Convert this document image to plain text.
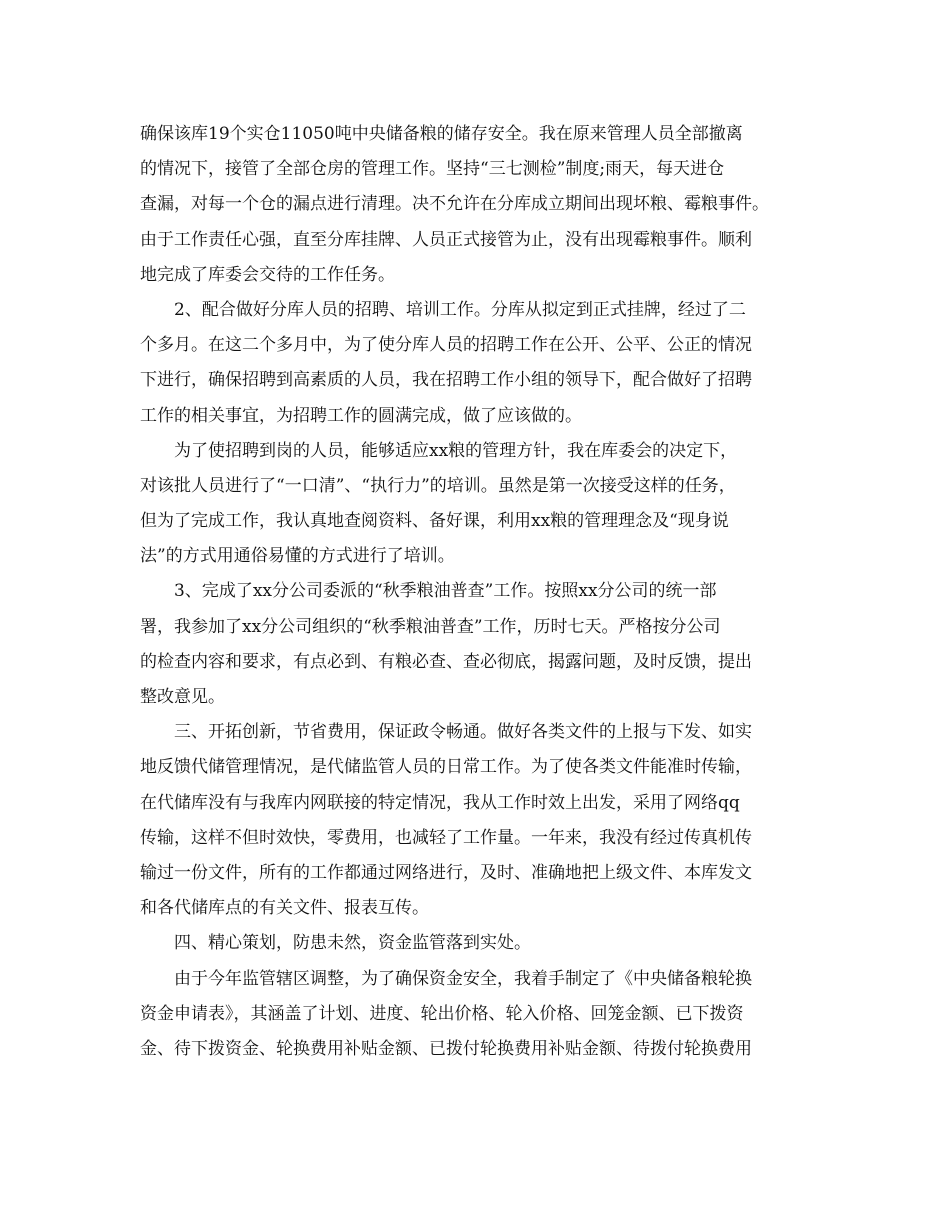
确保该库19个实仓11050吨中央储备粮的储存安全。我在原来管理人员全部撤离
的情况下，接管了全部仓房的管理工作。坚持“三七测检”制度;雨天，每天进仓
查漏，对每一个仓的漏点进行清理。决不允许在分库成立期间出现坏粮、霉粮事件。
由于工作责任心强，直至分库挂牌、人员正式接管为止，没有出现霉粮事件。顺利
地完成了库委会交待的工作任务。
2、配合做好分库人员的招聘、培训工作。分库从拟定到正式挂牌，经过了二
个多月。在这二个多月中，为了使分库人员的招聘工作在公开、公平、公正的情况
下进行，确保招聘到高素质的人员，我在招聘工作小组的领导下，配合做好了招聘
工作的相关事宜，为招聘工作的圆满完成，做了应该做的。
为了使招聘到岗的人员，能够适应xx粮的管理方针，我在库委会的决定下，
对该批人员进行了“一口清”、“执行力”的培训。虽然是第一次接受这样的任务，
但为了完成工作，我认真地查阅资料、备好课，利用xx粮的管理理念及“现身说
法”的方式用通俗易懂的方式进行了培训。
3、完成了xx分公司委派的“秋季粮油普查”工作。按照xx分公司的统一部
署，我参加了xx分公司组织的“秋季粮油普查”工作，历时七天。严格按分公司
的检查内容和要求，有点必到、有粮必查、查必彻底，揭露问题，及时反馈，提出
整改意见。
三、开拓创新，节省费用，保证政令畅通。做好各类文件的上报与下发、如实
地反馈代储管理情况，是代储监管人员的日常工作。为了使各类文件能准时传输，
在代储库没有与我库内网联接的特定情况，我从工作时效上出发，采用了网络qq
传输，这样不但时效快，零费用，也减轻了工作量。一年来，我没有经过传真机传
输过一份文件，所有的工作都通过网络进行，及时、准确地把上级文件、本库发文
和各代储库点的有关文件、报表互传。
四、精心策划，防患未然，资金监管落到实处。
由于今年监管辖区调整，为了确保资金安全，我着手制定了《中央储备粮轮换
资金申请表》，其涵盖了计划、进度、轮出价格、轮入价格、回笼金额、已下拨资
金、待下拨资金、轮换费用补贴金额、已拨付轮换费用补贴金额、待拨付轮换费用
